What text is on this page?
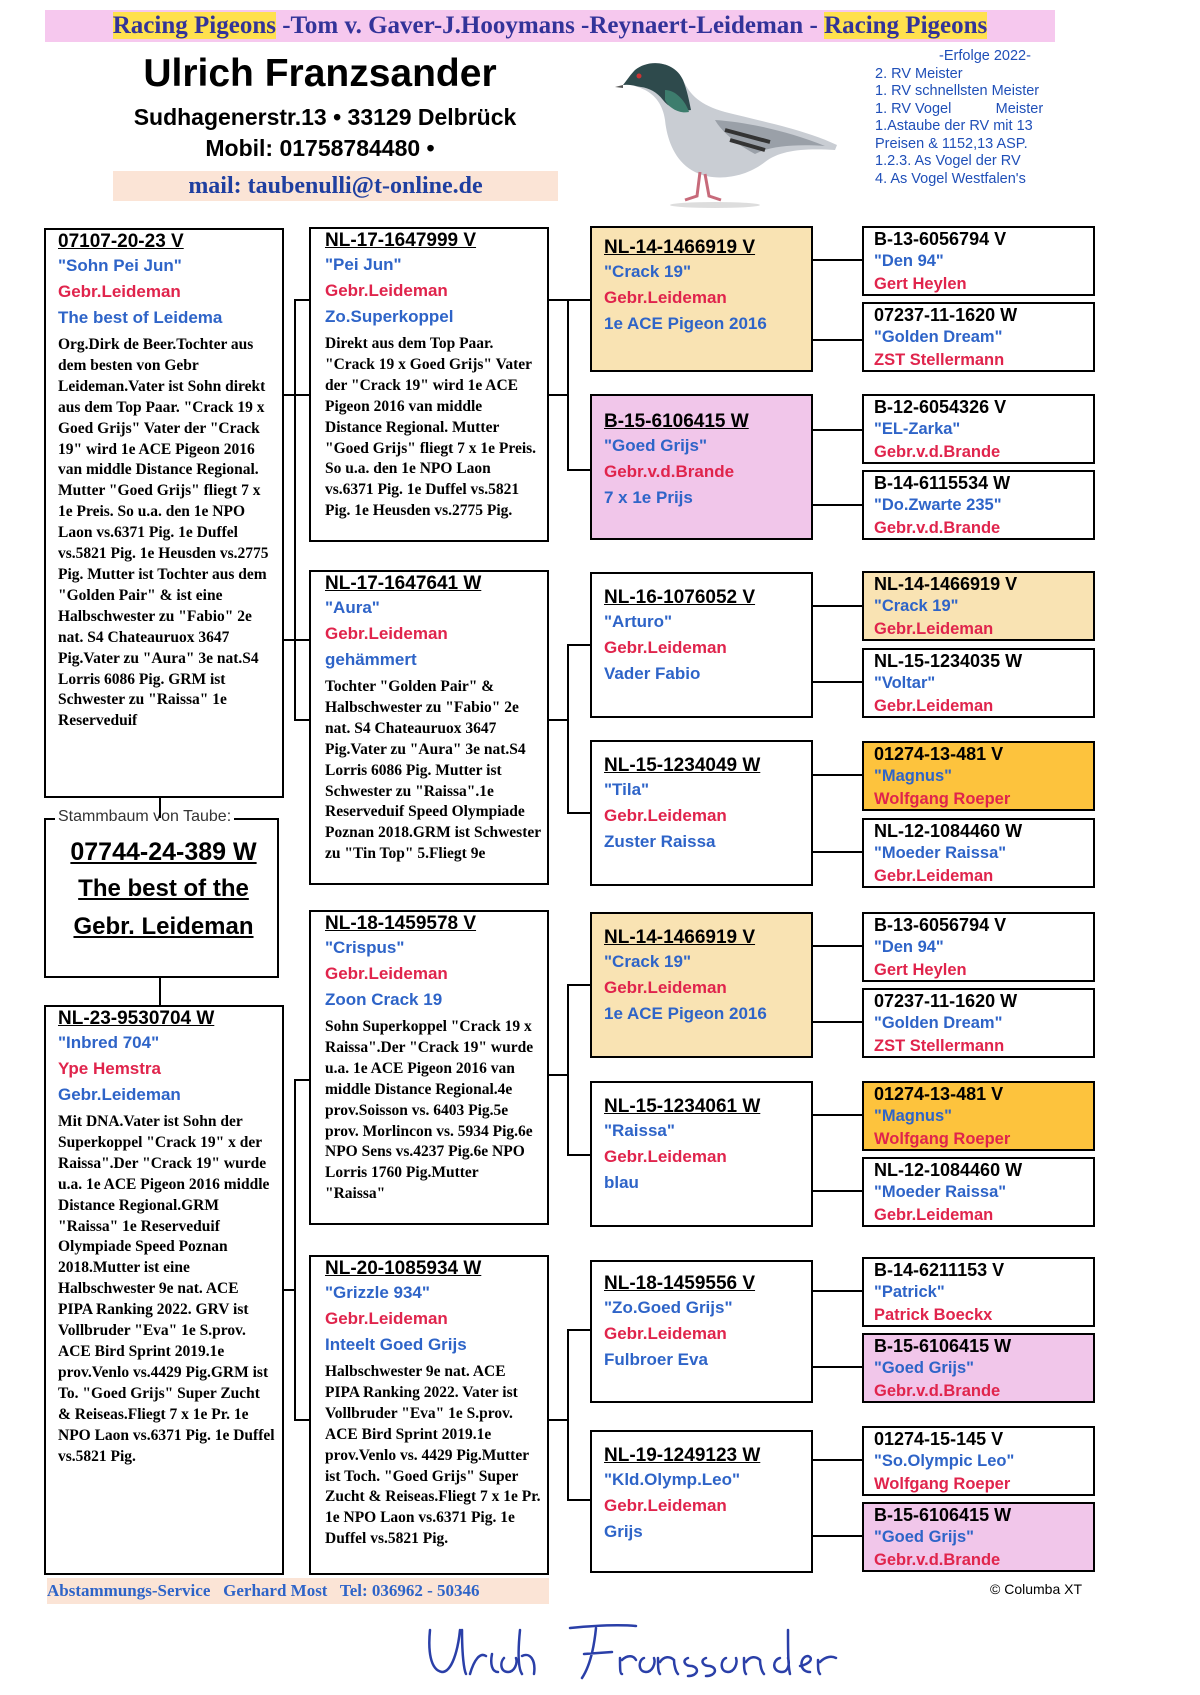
Racing Pigeons -Tom v. Gaver-J.Hooymans -Reynaert-Leideman - Racing Pigeons
Ulrich Franzsander
Sudhagenerstr.13 • 33129 Delbrück
Mobil: 01758784480 •
mail: taubenulli@t-online.de
-Erfolge 2022-
2. RV Meister
1. RV schnellsten Meister
1. RV Vogel           Meister
1.Astaube der RV mit 13
Preisen & 1152,13 ASP.
1.2.3. As Vogel der RV
4. As Vogel Westfalen's
07744-24-389 W
The best of the
Gebr. Leideman
Stammbaum von Taube:
07107-20-23 V
"Sohn Pei Jun"
Gebr.Leideman
The best of Leidema
Org.Dirk de Beer.Tochter aus dem besten von Gebr Leideman.Vater ist Sohn direkt aus dem Top Paar. "Crack 19 x Goed Grijs" Vater der "Crack 19" wird 1e ACE Pigeon 2016 van middle Distance Regional. Mutter "Goed Grijs" fliegt 7 x 1e Preis. So u.a. den 1e NPO Laon vs.6371 Pig. 1e Duffel vs.5821 Pig. 1e Heusden vs.2775 Pig. Mutter ist Tochter aus dem "Golden Pair" & ist eine Halbschwester zu "Fabio" 2e nat. S4 Chateauruox 3647 Pig.Vater zu "Aura" 3e nat.S4 Lorris 6086 Pig. GRM ist Schwester zu "Raissa" 1e Reserveduif
NL-23-9530704 W
"Inbred 704"
Ype Hemstra
Gebr.Leideman
Mit DNA.Vater ist Sohn der Superkoppel "Crack 19" x der Raissa".Der "Crack 19" wurde u.a. 1e ACE Pigeon 2016 middle Distance Regional.GRM "Raissa" 1e Reserveduif Olympiade Speed Poznan 2018.Mutter ist eine Halbschwester 9e nat. ACE PIPA Ranking 2022. GRV ist Vollbruder "Eva" 1e S.prov. ACE Bird Sprint 2019.1e prov.Venlo vs.4429 Pig.GRM ist To. "Goed Grijs" Super Zucht & Reiseas.Fliegt 7 x 1e Pr. 1e NPO Laon vs.6371 Pig. 1e Duffel vs.5821 Pig.
NL-17-1647999 V
"Pei Jun"
Gebr.Leideman
Zo.Superkoppel
Direkt aus dem Top Paar. "Crack 19 x Goed Grijs" Vater der "Crack 19" wird 1e ACE Pigeon 2016 van middle Distance Regional. Mutter "Goed Grijs" fliegt 7 x 1e Preis. So u.a. den 1e NPO Laon vs.6371 Pig. 1e Duffel vs.5821 Pig. 1e Heusden vs.2775 Pig.
NL-17-1647641 W
"Aura"
Gebr.Leideman
gehämmert
Tochter "Golden Pair" & Halbschwester zu "Fabio" 2e nat. S4 Chateauruox 3647 Pig.Vater zu "Aura" 3e nat.S4 Lorris 6086 Pig. Mutter ist Schwester zu "Raissa".1e Reserveduif Speed Olympiade Poznan 2018.GRM ist Schwester zu "Tin Top" 5.Fliegt 9e
NL-18-1459578 V
"Crispus"
Gebr.Leideman
Zoon Crack 19
Sohn Superkoppel "Crack 19 x Raissa".Der "Crack 19" wurde u.a. 1e ACE Pigeon 2016 van middle Distance Regional.4e prov.Soisson vs. 6403 Pig.5e prov. Morlincon vs. 5934 Pig.6e NPO Sens vs.4237 Pig.6e NPO Lorris 1760 Pig.Mutter "Raissa"
NL-20-1085934 W
"Grizzle 934"
Gebr.Leideman
Inteelt Goed Grijs
Halbschwester 9e nat. ACE PIPA Ranking 2022. Vater ist Vollbruder "Eva" 1e S.prov. ACE Bird Sprint 2019.1e prov.Venlo vs. 4429 Pig.Mutter ist Toch. "Goed Grijs" Super Zucht & Reiseas.Fliegt 7 x 1e Pr. 1e NPO Laon vs.6371 Pig. 1e Duffel vs.5821 Pig.
NL-14-1466919 V
"Crack 19"
Gebr.Leideman
1e ACE Pigeon 2016
B-15-6106415 W
"Goed Grijs"
Gebr.v.d.Brande
7 x 1e Prijs
NL-16-1076052 V
"Arturo"
Gebr.Leideman
Vader Fabio
NL-15-1234049 W
"Tila"
Gebr.Leideman
Zuster Raissa
NL-14-1466919 V
"Crack 19"
Gebr.Leideman
1e ACE Pigeon 2016
NL-15-1234061 W
"Raissa"
Gebr.Leideman
blau
NL-18-1459556 V
"Zo.Goed Grijs"
Gebr.Leideman
Fulbroer Eva
NL-19-1249123 W
"Kld.Olymp.Leo"
Gebr.Leideman
Grijs
B-13-6056794 V
"Den 94"
Gert Heylen
07237-11-1620 W
"Golden Dream"
ZST Stellermann
B-12-6054326 V
"EL-Zarka"
Gebr.v.d.Brande
B-14-6115534 W
"Do.Zwarte 235"
Gebr.v.d.Brande
NL-14-1466919 V
"Crack 19"
Gebr.Leideman
NL-15-1234035 W
"Voltar"
Gebr.Leideman
01274-13-481 V
"Magnus"
Wolfgang Roeper
NL-12-1084460 W
"Moeder Raissa"
Gebr.Leideman
B-13-6056794 V
"Den 94"
Gert Heylen
07237-11-1620 W
"Golden Dream"
ZST Stellermann
01274-13-481 V
"Magnus"
Wolfgang Roeper
NL-12-1084460 W
"Moeder Raissa"
Gebr.Leideman
B-14-6211153 V
"Patrick"
Patrick Boeckx
B-15-6106415 W
"Goed Grijs"
Gebr.v.d.Brande
01274-15-145 V
"So.Olympic Leo"
Wolfgang Roeper
B-15-6106415 W
"Goed Grijs"
Gebr.v.d.Brande
Abstammungs-Service   Gerhard Most   Tel: 036962 - 50346	© Columba XT
